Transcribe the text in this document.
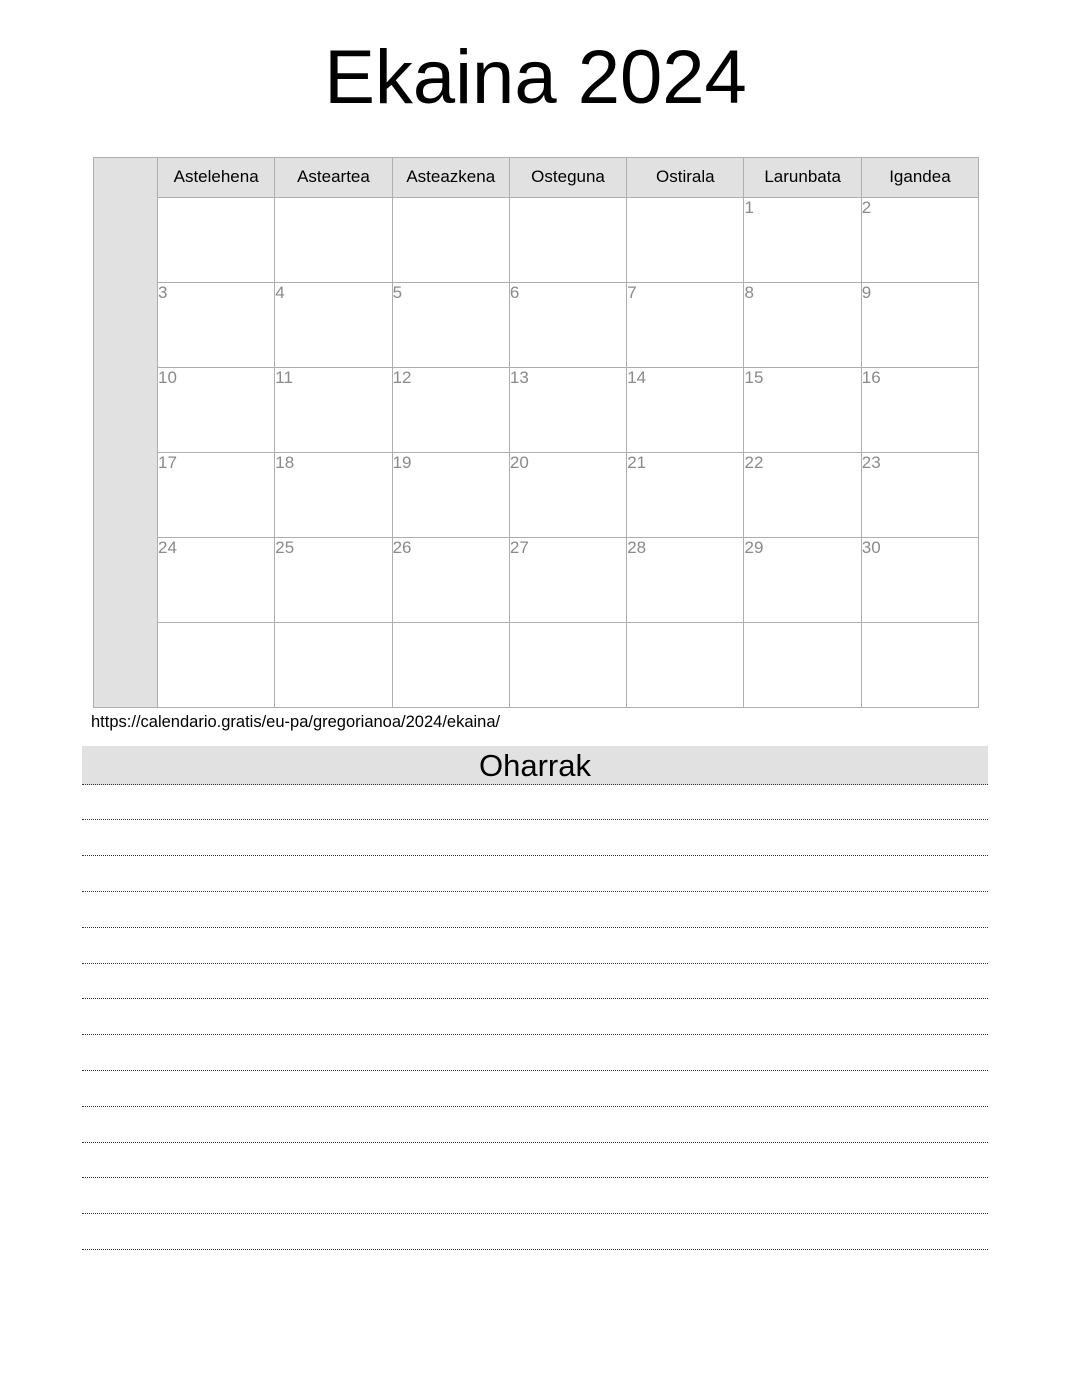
Ekaina 2024
	Astelehena	Asteartea	Asteazkena	Osteguna	Ostirala	Larunbata	Igandea
						1	2
	3	4	5	6	7	8	9
	10	11	12	13	14	15	16
	17	18	19	20	21	22	23
	24	25	26	27	28	29	30

https://calendario.gratis/eu-pa/gregorianoa/2024/ekaina/
Oharrak
